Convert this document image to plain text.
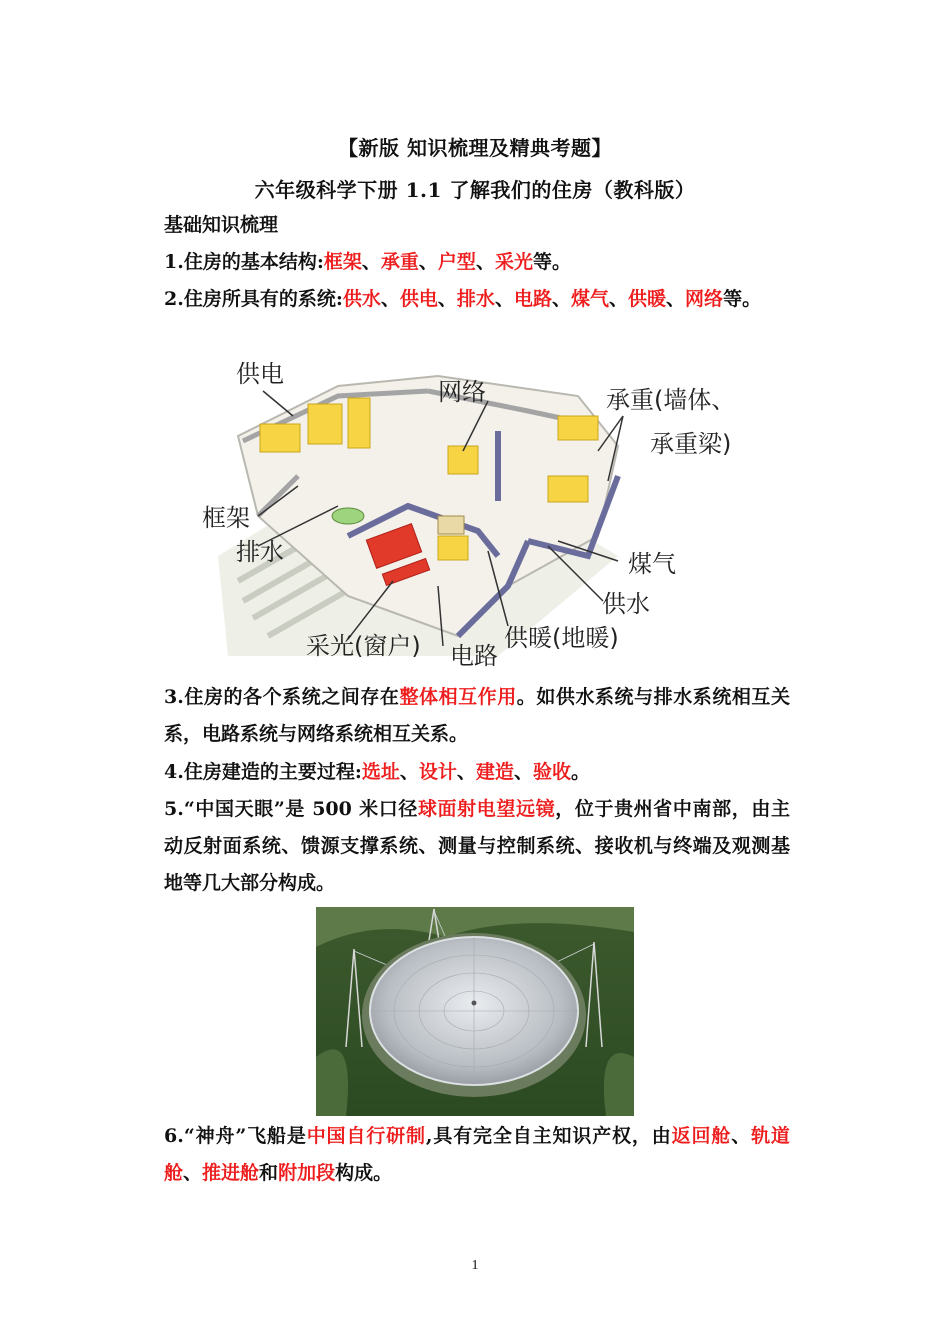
【新版 知识梳理及精典考题】
六年级科学下册 1.1 了解我们的住房（教科版）
基础知识梳理
1.住房的基本结构:框架、承重、户型、采光等。
2.住房所具有的系统:供水、供电、排水、电路、煤气、供暖、网络等。
供电
网络	承重(墙体、
承重梁)
框架
排水	煤气
供水
采光(窗户) 电路
供暖(地暖)
3.住房的各个系统之间存在整体相互作用。如供水系统与排水系统相互关系，电路系统与网络系统相互关系。
4.住房建造的主要过程:选址、设计、建造、验收。
5.“中国天眼”是 500 米口径球面射电望远镜，位于贵州省中南部，由主动反射面系统、馈源支撑系统、测量与控制系统、接收机与终端及观测基地等几大部分构成。
6.“神舟”飞船是中国自行研制,具有完全自主知识产权，由返回舱、轨道舱、推进舱和附加段构成。
1
